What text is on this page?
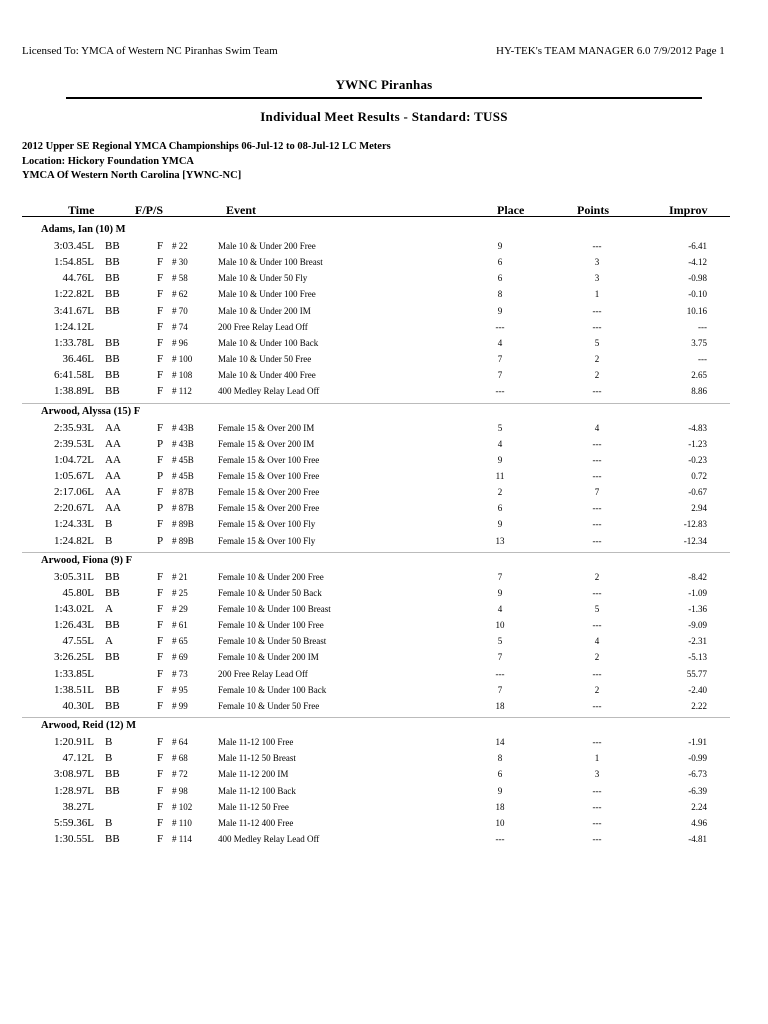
Licensed To: YMCA of Western NC Piranhas Swim Team	HY-TEK's TEAM MANAGER 6.0 7/9/2012 Page 1
YWNC Piranhas
Individual Meet Results - Standard: TUSS
2012 Upper SE Regional YMCA Championships 06-Jul-12 to 08-Jul-12 LC Meters
Location: Hickory Foundation YMCA
YMCA Of Western North Carolina [YWNC-NC]
Time	F/P/S	Event	Place	Points	Improv
Adams, Ian (10) M
3:03.45L BB	F # 22	Male 10 & Under 200 Free	9	---	-6.41
1:54.85L BB	F # 30	Male 10 & Under 100 Breast	6	3	-4.12
44.76L BB	F # 58	Male 10 & Under 50 Fly	6	3	-0.98
1:22.82L BB	F # 62	Male 10 & Under 100 Free	8	1	-0.10
3:41.67L BB	F # 70	Male 10 & Under 200 IM	9	---	10.16
1:24.12L	F # 74	200 Free Relay Lead Off	---	---	---
1:33.78L BB	F # 96	Male 10 & Under 100 Back	4	5	3.75
36.46L BB	F # 100	Male 10 & Under 50 Free	7	2	---
6:41.58L BB	F # 108	Male 10 & Under 400 Free	7	2	2.65
1:38.89L BB	F # 112	400 Medley Relay Lead Off	---	---	8.86
Arwood, Alyssa (15) F
2:35.93L AA	F # 43B	Female 15 & Over 200 IM	5	4	-4.83
2:39.53L AA	P # 43B	Female 15 & Over 200 IM	4	---	-1.23
1:04.72L AA	F # 45B	Female 15 & Over 100 Free	9	---	-0.23
1:05.67L AA	P # 45B	Female 15 & Over 100 Free	11	---	0.72
2:17.06L AA	F # 87B	Female 15 & Over 200 Free	2	7	-0.67
2:20.67L AA	P # 87B	Female 15 & Over 200 Free	6	---	2.94
1:24.33L B	F # 89B	Female 15 & Over 100 Fly	9	---	-12.83
1:24.82L B	P # 89B	Female 15 & Over 100 Fly	13	---	-12.34
Arwood, Fiona (9) F
3:05.31L BB	F # 21	Female 10 & Under 200 Free	7	2	-8.42
45.80L BB	F # 25	Female 10 & Under 50 Back	9	---	-1.09
1:43.02L A	F # 29	Female 10 & Under 100 Breast	4	5	-1.36
1:26.43L BB	F # 61	Female 10 & Under 100 Free	10	---	-9.09
47.55L A	F # 65	Female 10 & Under 50 Breast	5	4	-2.31
3:26.25L BB	F # 69	Female 10 & Under 200 IM	7	2	-5.13
1:33.85L	F # 73	200 Free Relay Lead Off	---	---	55.77
1:38.51L BB	F # 95	Female 10 & Under 100 Back	7	2	-2.40
40.30L BB	F # 99	Female 10 & Under 50 Free	18	---	2.22
Arwood, Reid (12) M
1:20.91L B	F # 64	Male 11-12 100 Free	14	---	-1.91
47.12L B	F # 68	Male 11-12 50 Breast	8	1	-0.99
3:08.97L BB	F # 72	Male 11-12 200 IM	6	3	-6.73
1:28.97L BB	F # 98	Male 11-12 100 Back	9	---	-6.39
38.27L	F # 102	Male 11-12 50 Free	18	---	2.24
5:59.36L B	F # 110	Male 11-12 400 Free	10	---	4.96
1:30.55L BB	F # 114	400 Medley Relay Lead Off	---	---	-4.81
